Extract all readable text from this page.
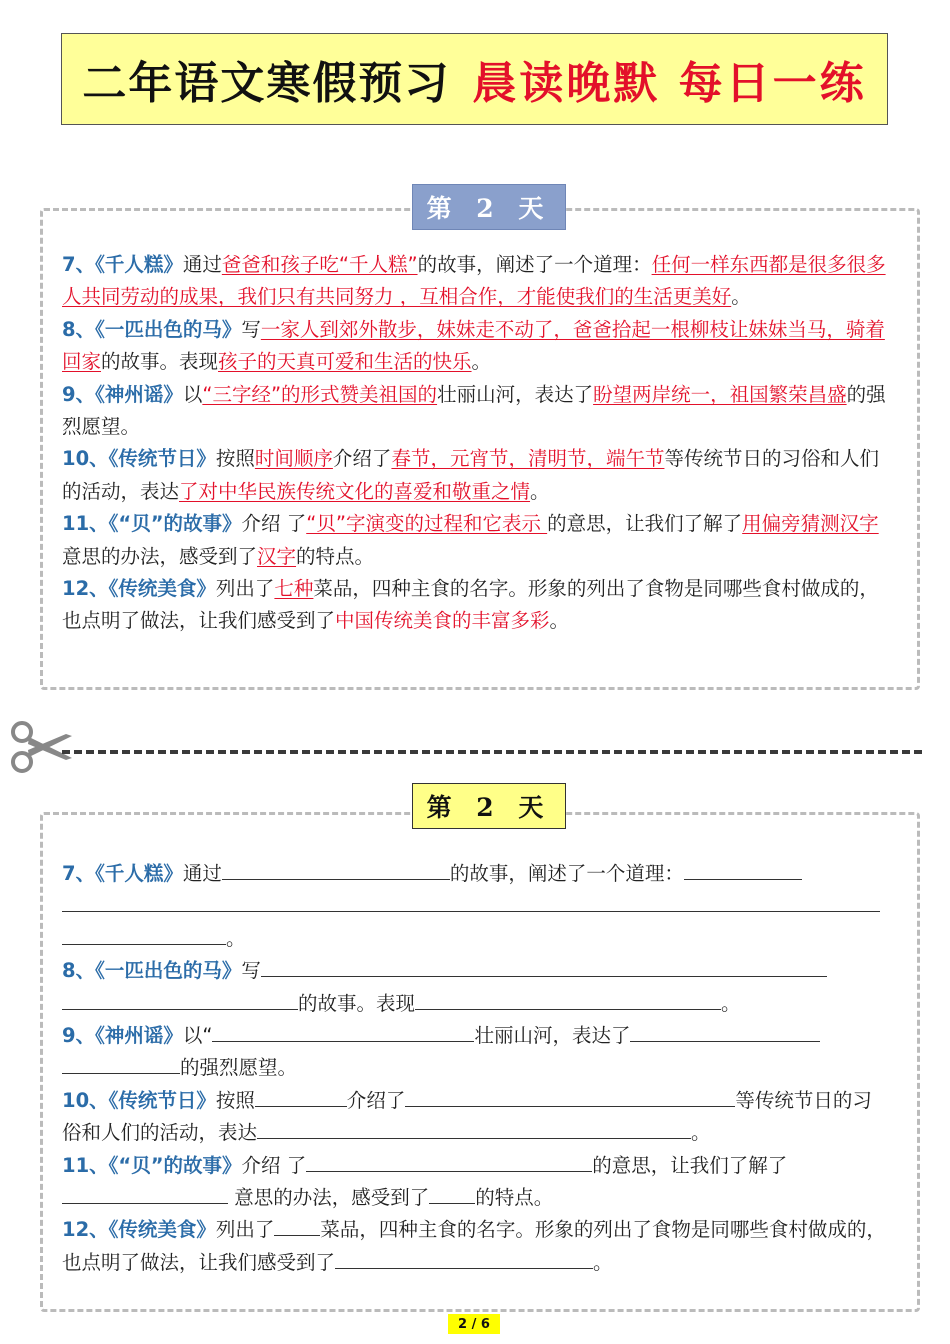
二年语文寒假预习 晨读晚默 每日一练
第 2 天

7、《千人糕》通过爸爸和孩子吃“千人糕”的故事，阐述了一个道理：任何一样东西都是很多很多人共同劳动的成果，我们只有共同努力 ，互相合作，才能使我们的生活更美好。

8、《一匹出色的马》写一家人到郊外散步，妹妹走不动了，爸爸拾起一根柳枝让妹妹当马，骑着回家的故事。表现孩子的天真可爱和生活的快乐。

9、《神州谣》以“三字经”的形式赞美祖国的壮丽山河，表达了盼望两岸统一，祖国繁荣昌盛的强烈愿望。

10、《传统节日》按照时间顺序介绍了春节，元宵节，清明节，端午节等传统节日的习俗和人们的活动，表达了对中华民族传统文化的喜爱和敬重之情。

11、《“贝”的故事》介绍 了“贝”字演变的过程和它表示 的意思，让我们了解了用偏旁猜测汉字 意思的办法，感受到了汉字的特点。

12、《传统美食》列出了七种菜品，四种主食的名字。形象的列出了食物是同哪些食村做成的，也点明了做法，让我们感受到了中国传统美食的丰富多彩。

第 2 天

7、《千人糕》通过	的故事，阐述了一个道理：

。

8、《一匹出色的马》写
的故事。表现	。

9、《神州谣》以“	壮丽山河，表达了
的强烈愿望。

10、《传统节日》按照	介绍了	等传统节日的习俗和人们的活动，表达	。

11、《“贝”的故事》介绍 了	的意思，让我们了解了
意思的办法，感受到了 的特点。

12、《传统美食》列出了 菜品，四种主食的名字。形象的列出了食物是同哪些食村做成的，也点明了做法，让我们感受到了	。

2 / 6
